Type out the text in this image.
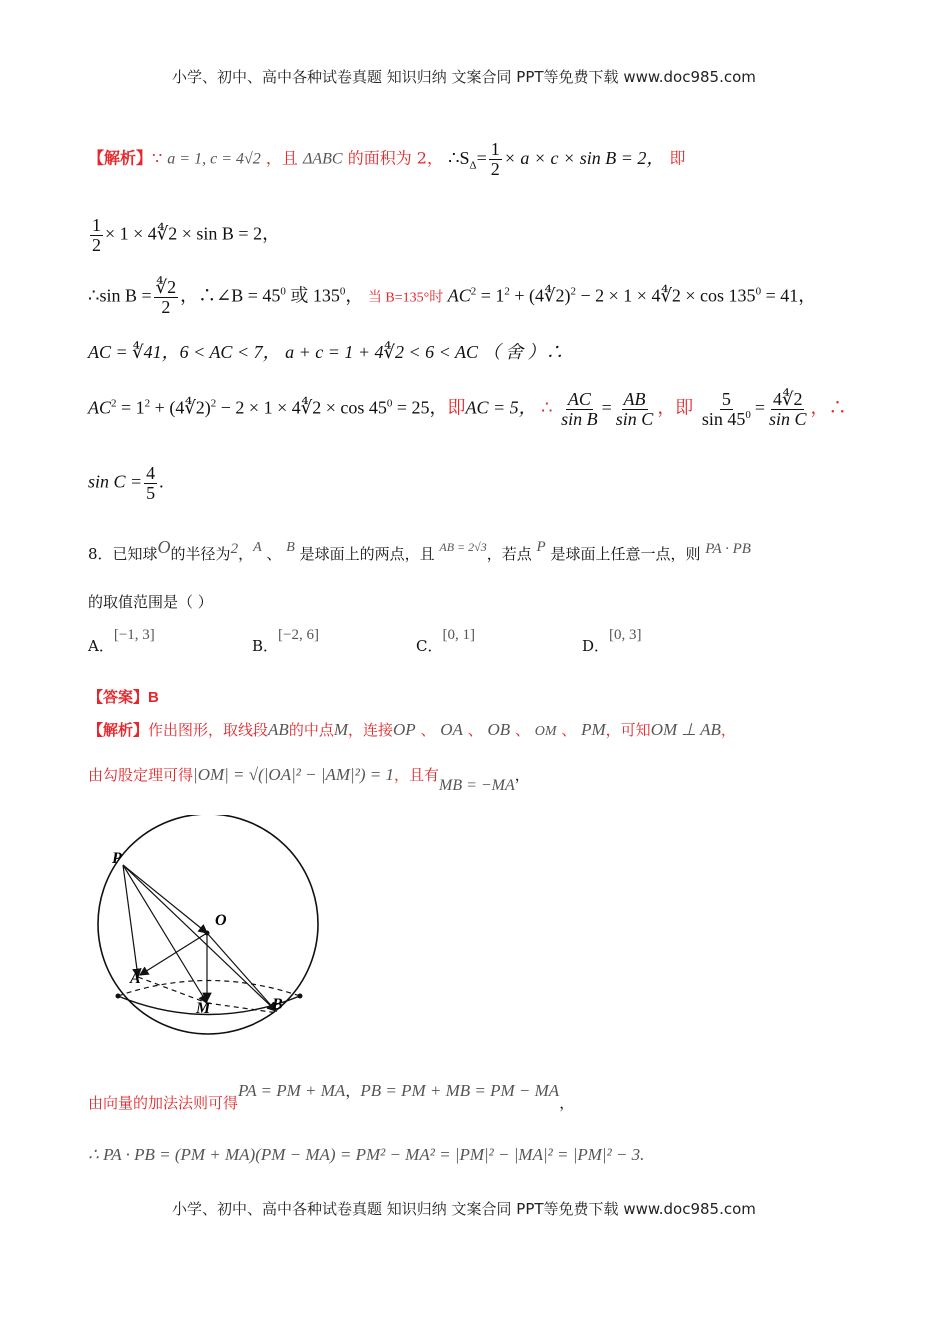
小学、初中、高中各种试卷真题 知识归纳 文案合同 PPT等免费下载 www.doc985.com
【解析】∵ a = 1, c = 4√2 ，且 ΔABC 的面积为 2， $\therefore S_\Delta= \frac{1}{2} \times a \times c \times \sin B = 2$， 即
$\frac{1}{2} \times 1$ × 4∜2 × sin B = 2，
∴sin $B = \frac{∜2}{2}$ ，∴∠B = $45^0$ 或 $135^0$， 当 B=135°时 $AC^2 = 1^2$ + (4∜2)$^2$ − 2 × 1 × 4∜2 × $\cos 135^0 = 41$，
AC = ∜41，6 < AC < 7， a + c = 1 + 4∜2 < 6 < AC （ 舍 ）∴
$AC^2 = 1^2$ + (4∜2)$^2$ − 2 × 1 × 4∜2 × $\cos 45^0 = 25$，即AC = 5， ∴ $\frac{AC}{\text{sin B}} = \frac{AB}{\text{sin C}}$ ，即 $\frac{5}{\sin 45^0} = \frac{4∜2}{\text{sin C}}$ ，∴
$\sin C = \frac{4}{5}$ .
8．已知球O的半径为2，A 、 B 是球面上的两点，且 $^{AB = 2√3}$，若点 P 是球面上任意一点，则 PA · PB
的取值范围是（ ）
A．[−1, 3]
B．[−2, 6]
C．[0, 1]
D．[0, 3]
【答案】B
【解析】作出图形，取线段AB的中点M，连接OP 、 OA 、 OB 、 OM 、 PM，可知OM ⊥ AB，
由勾股定理可得|OM| = √(|OA|² − |AM|²) = 1，且有MB = −MA，
P
O
A
M	B
由向量的加法法则可得PA = PM + MA，PB = PM + MB = PM − MA，
∴ PA · PB = (PM + MA)(PM − MA) = PM² − MA² = |PM|² − |MA|² = |PM|² − 3.
小学、初中、高中各种试卷真题 知识归纳 文案合同 PPT等免费下载 www.doc985.com
